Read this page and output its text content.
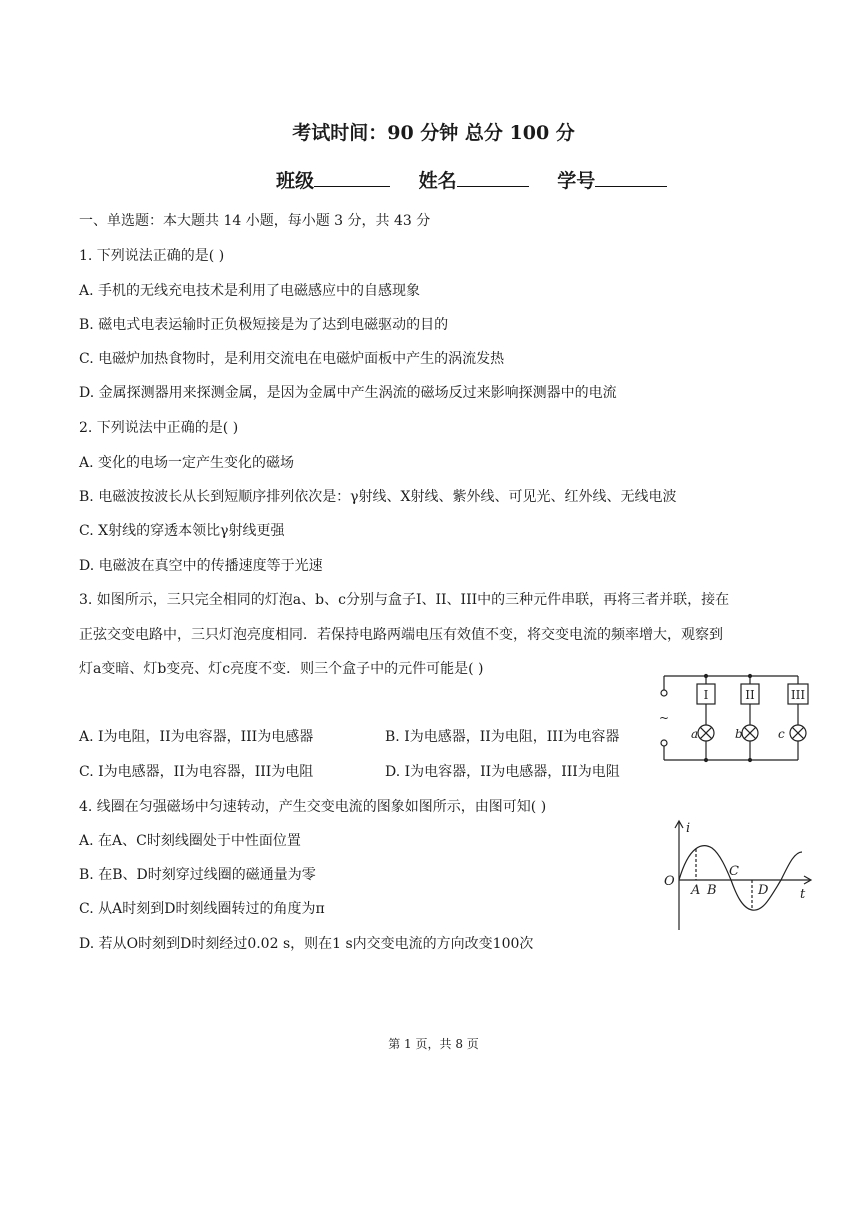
考试时间：90 分钟 总分 100 分
班级	姓名	学号
一、单选题：本大题共 14 小题，每小题 3 分，共 43 分
1. 下列说法正确的是( )
A. 手机的无线充电技术是利用了电磁感应中的自感现象
B. 磁电式电表运输时正负极短接是为了达到电磁驱动的目的
C. 电磁炉加热食物时，是利用交流电在电磁炉面板中产生的涡流发热
D. 金属探测器用来探测金属，是因为金属中产生涡流的磁场反过来影响探测器中的电流
2. 下列说法中正确的是( )
A. 变化的电场一定产生变化的磁场
B. 电磁波按波长从长到短顺序排列依次是：γ射线、X射线、紫外线、可见光、红外线、无线电波
C. X射线的穿透本领比γ射线更强
D. 电磁波在真空中的传播速度等于光速
3. 如图所示，三只完全相同的灯泡a、b、c分别与盒子I、II、III中的三种元件串联，再将三者并联，接在
正弦交变电路中，三只灯泡亮度相同．若保持电路两端电压有效值不变，将交变电流的频率增大，观察到
灯a变暗、灯b变亮、灯c亮度不变．则三个盒子中的元件可能是( )
A. I为电阻，II为电容器，III为电感器	B. I为电感器，II为电阻，III为电容器
C. I为电感器，II为电容器，III为电阻	D. I为电容器，II为电感器，III为电阻
~
I	II	III
a	b	c
4. 线圈在匀强磁场中匀速转动，产生交变电流的图象如图所示，由图可知( )
A. 在A、C时刻线圈处于中性面位置
B. 在B、D时刻穿过线圈的磁通量为零
C. 从A时刻到D时刻线圈转过的角度为π
D. 若从O时刻到D时刻经过0.02 s，则在1 s内交变电流的方向改变100次
i
t
O
A B
C
D
第 1 页，共 8 页
